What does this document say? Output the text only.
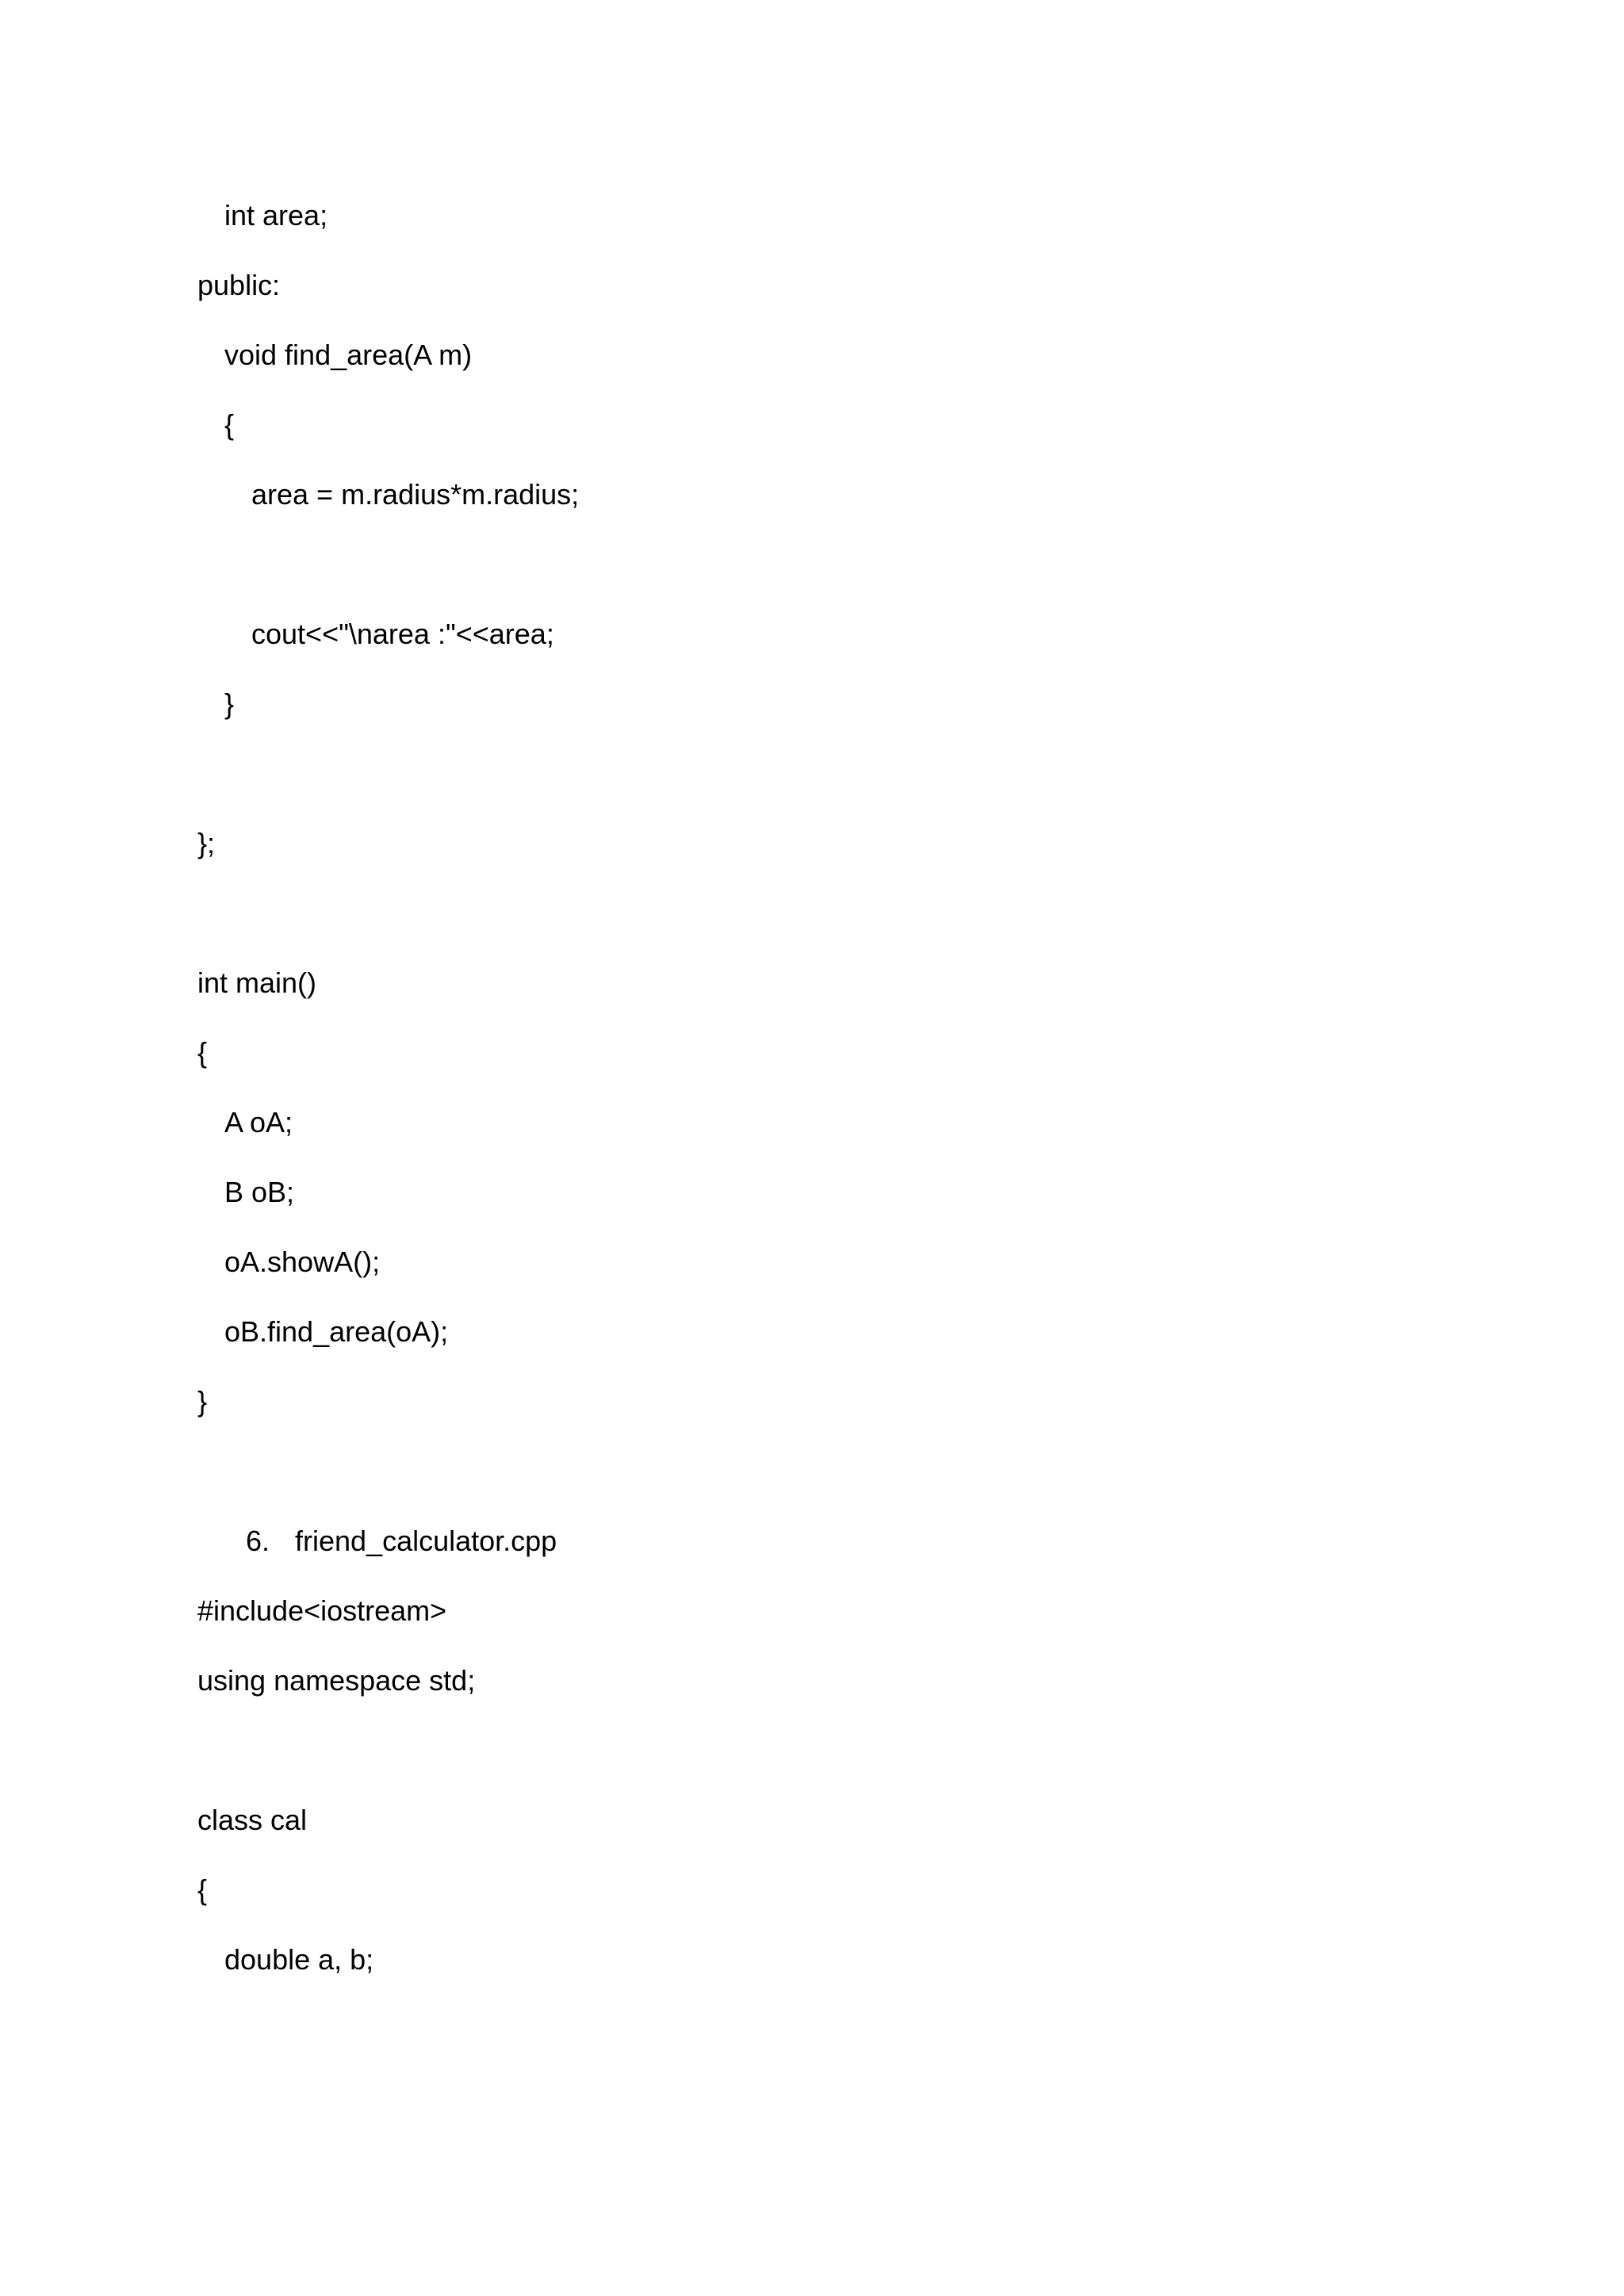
int area;
public:
void find_area(A m)
{
area = m.radius*m.radius;
cout<<"\narea :"<<area;
}
};
int main()
{
A oA;
B oB;
oA.showA();
oB.find_area(oA);
}
6. friend_calculator.cpp
#include<iostream>
using namespace std;
class cal
{
double a, b;
